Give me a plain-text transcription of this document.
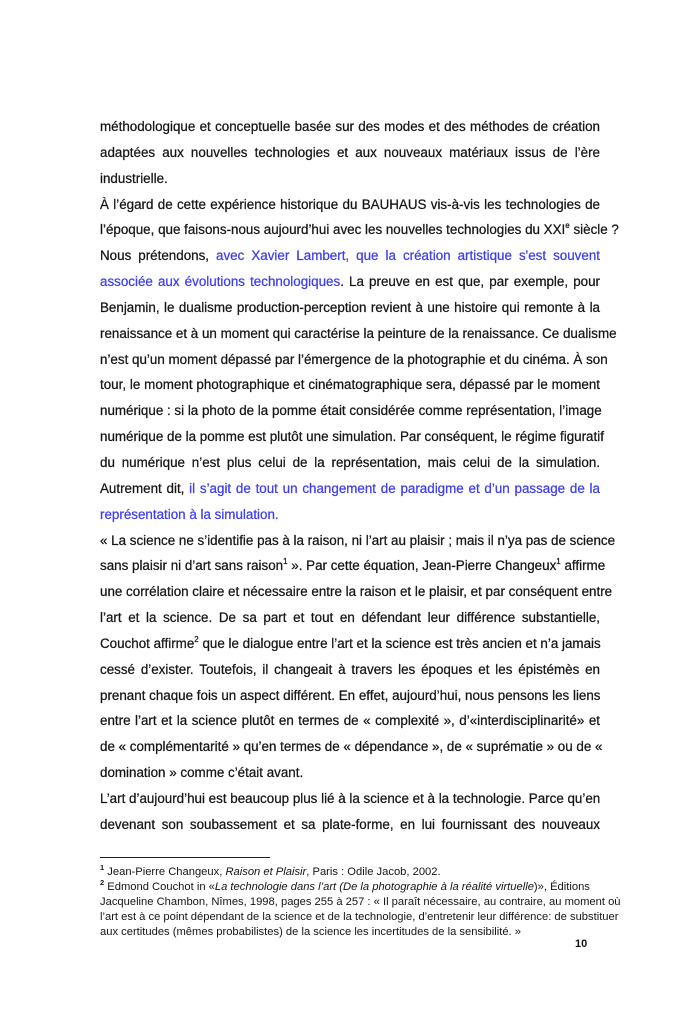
méthodologique et conceptuelle basée sur des modes et des méthodes de création
adaptées aux nouvelles technologies et aux nouveaux matériaux issus de l’ère
industrielle.
À l’égard de cette expérience historique du BAUHAUS vis-à-vis les technologies de
l’époque, que faisons-nous aujourd’hui avec les nouvelles technologies du XXIe siècle ?
Nous prétendons, avec Xavier Lambert, que la création artistique s'est souvent
associée aux évolutions technologiques. La preuve en est que, par exemple, pour
Benjamin, le dualisme production-perception revient à une histoire qui remonte à la
renaissance et à un moment qui caractérise la peinture de la renaissance. Ce dualisme
n’est qu’un moment dépassé par l’émergence de la photographie et du cinéma. À son
tour, le moment photographique et cinématographique sera, dépassé par le moment
numérique : si la photo de la pomme était considérée comme représentation, l’image
numérique de la pomme est plutôt une simulation. Par conséquent, le régime figuratif
du numérique n’est plus celui de la représentation, mais celui de la simulation.
Autrement dit, il s’agit de tout un changement de paradigme et d’un passage de la
représentation à la simulation.
« La science ne s’identifie pas à la raison, ni l’art au plaisir ; mais il n’ya pas de science
sans plaisir ni d’art sans raison$^1$ ». Par cette équation, Jean-Pierre Changeux$^1$ affirme
une corrélation claire et nécessaire entre la raison et le plaisir, et par conséquent entre
l’art et la science. De sa part et tout en défendant leur différence substantielle,
Couchot affirme$^2$ que le dialogue entre l’art et la science est très ancien et n’a jamais
cessé d’exister. Toutefois, il changeait à travers les époques et les épistémès en
prenant chaque fois un aspect différent. En effet, aujourd’hui, nous pensons les liens
entre l’art et la science plutôt en termes de « complexité », d’«interdisciplinarité» et
de « complémentarité » qu’en termes de « dépendance », de « suprématie » ou de «
domination » comme c’était avant.
L’art d’aujourd’hui est beaucoup plus lié à la science et à la technologie. Parce qu’en
devenant son soubassement et sa plate-forme, en lui fournissant des nouveaux
$^1$ Jean-Pierre Changeux, Raison et Plaisir, Paris : Odile Jacob, 2002.
$^2$ Edmond Couchot in «La technologie dans l’art (De la photographie à la réalité virtuelle)», Éditions
Jacqueline Chambon, Nîmes, 1998, pages 255 à 257 : « Il paraît nécessaire, au contraire, au moment où
l’art est à ce point dépendant de la science et de la technologie, d’entretenir leur différence: de substituer
aux certitudes (mêmes probabilistes) de la science les incertitudes de la sensibilité. »
10
